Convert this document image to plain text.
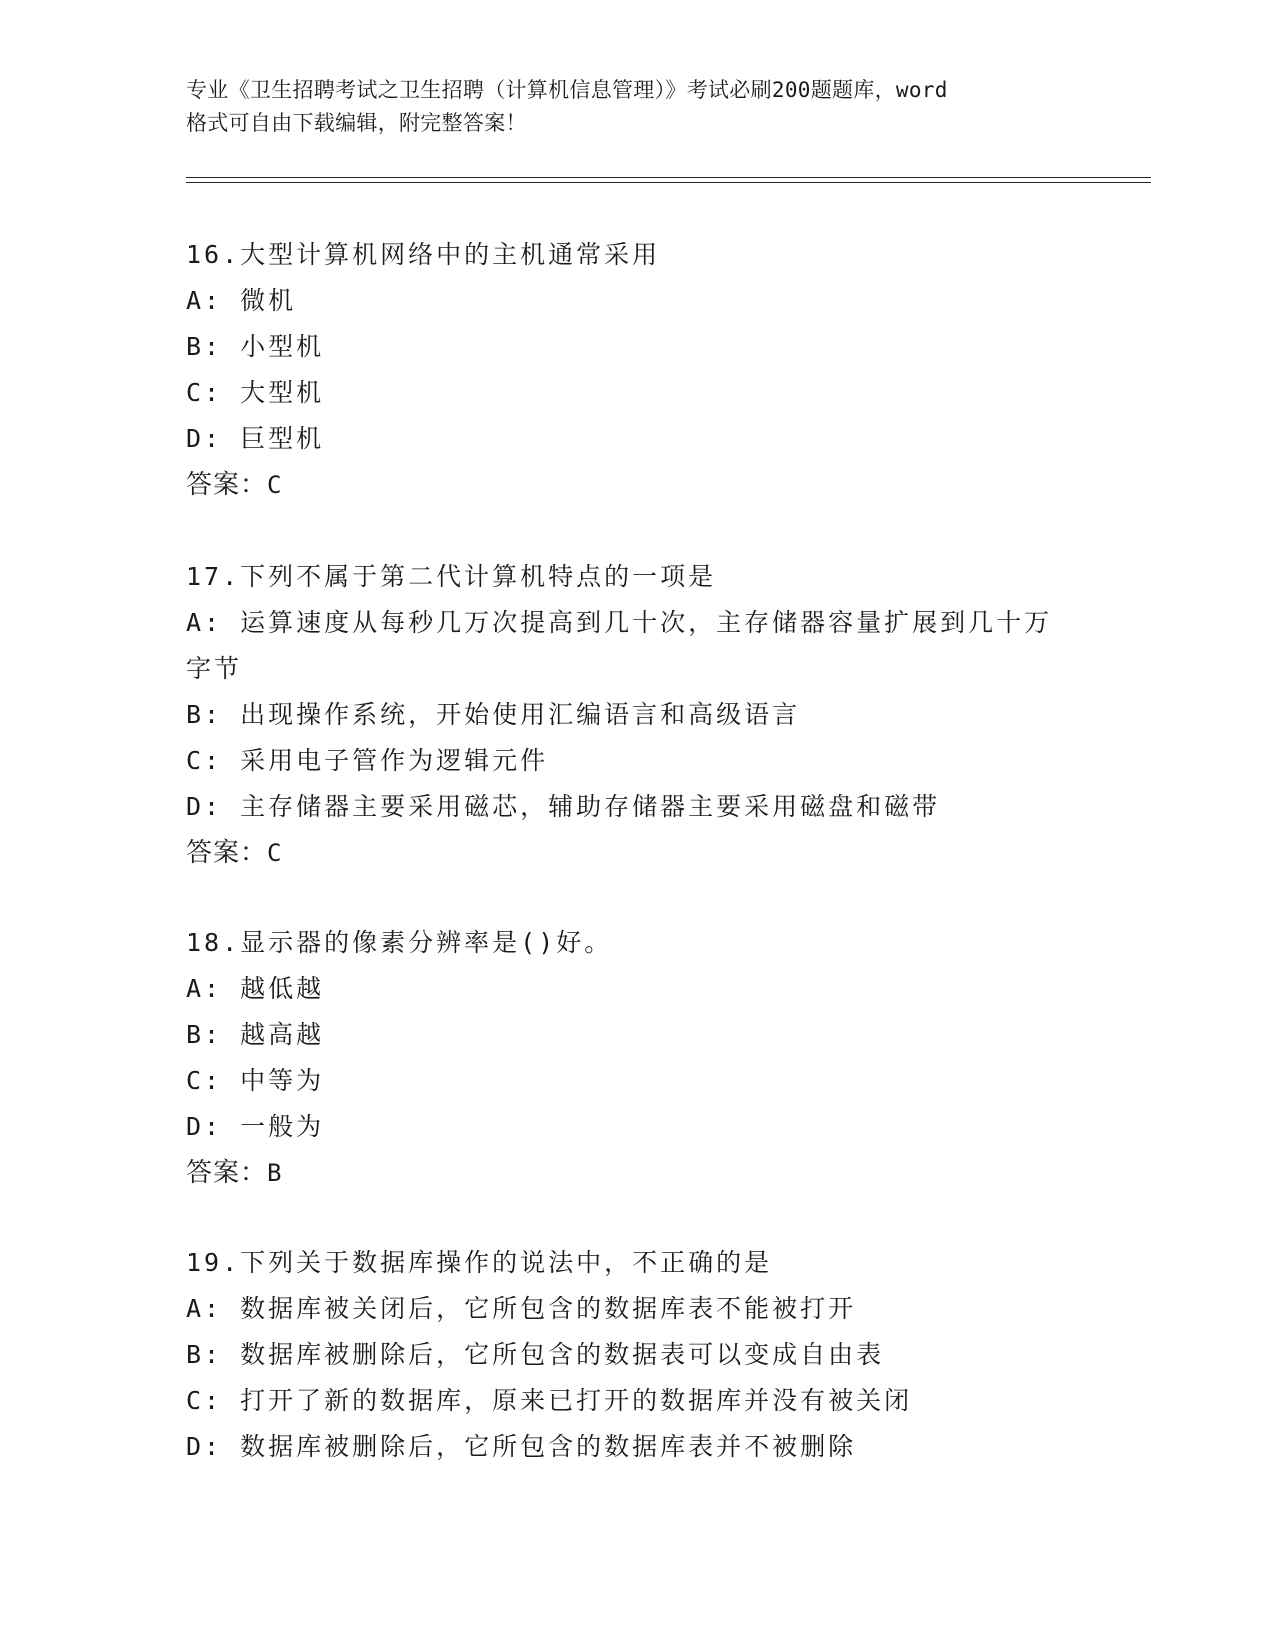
专业《卫生招聘考试之卫生招聘（计算机信息管理）》考试必刷200题题库，word
格式可自由下载编辑，附完整答案！
16.大型计算机网络中的主机通常采用
A: 微机
B: 小型机
C: 大型机
D: 巨型机
答案：C
17.下列不属于第二代计算机特点的一项是
A: 运算速度从每秒几万次提高到几十次，主存储器容量扩展到几十万字节
B: 出现操作系统，开始使用汇编语言和高级语言
C: 采用电子管作为逻辑元件
D: 主存储器主要采用磁芯，辅助存储器主要采用磁盘和磁带
答案：C
18.显示器的像素分辨率是()好。
A: 越低越
B: 越高越
C: 中等为
D: 一般为
答案：B
19.下列关于数据库操作的说法中，不正确的是
A: 数据库被关闭后，它所包含的数据库表不能被打开
B: 数据库被删除后，它所包含的数据表可以变成自由表
C: 打开了新的数据库，原来已打开的数据库并没有被关闭
D: 数据库被删除后，它所包含的数据库表并不被删除
